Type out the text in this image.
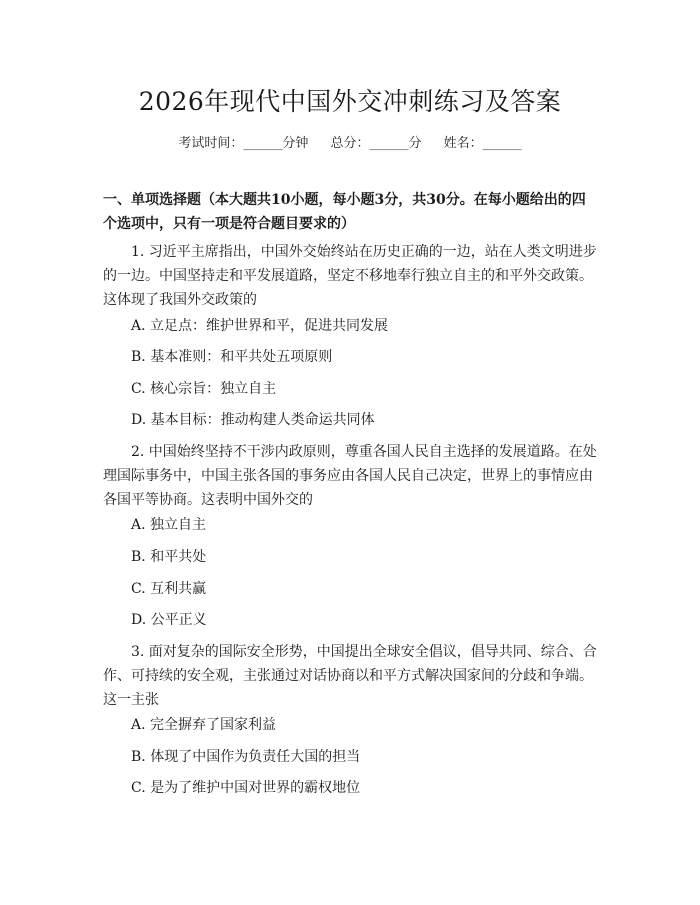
2026年现代中国外交冲刺练习及答案
考试时间：______分钟 总分：______分 姓名：______
一、单项选择题（本大题共10小题，每小题3分，共30分。在每小题给出的四
个选项中，只有一项是符合题目要求的）
1. 习近平主席指出，中国外交始终站在历史正确的一边，站在人类文明进步的一边。中国坚持走和平发展道路，坚定不移地奉行独立自主的和平外交政策。这体现了我国外交政策的
A. 立足点：维护世界和平，促进共同发展
B. 基本准则：和平共处五项原则
C. 核心宗旨：独立自主
D. 基本目标：推动构建人类命运共同体
2. 中国始终坚持不干涉内政原则，尊重各国人民自主选择的发展道路。在处理国际事务中，中国主张各国的事务应由各国人民自己决定，世界上的事情应由各国平等协商。这表明中国外交的
A. 独立自主
B. 和平共处
C. 互利共赢
D. 公平正义
3. 面对复杂的国际安全形势，中国提出全球安全倡议，倡导共同、综合、合作、可持续的安全观，主张通过对话协商以和平方式解决国家间的分歧和争端。这一主张
A. 完全摒弃了国家利益
B. 体现了中国作为负责任大国的担当
C. 是为了维护中国对世界的霸权地位
